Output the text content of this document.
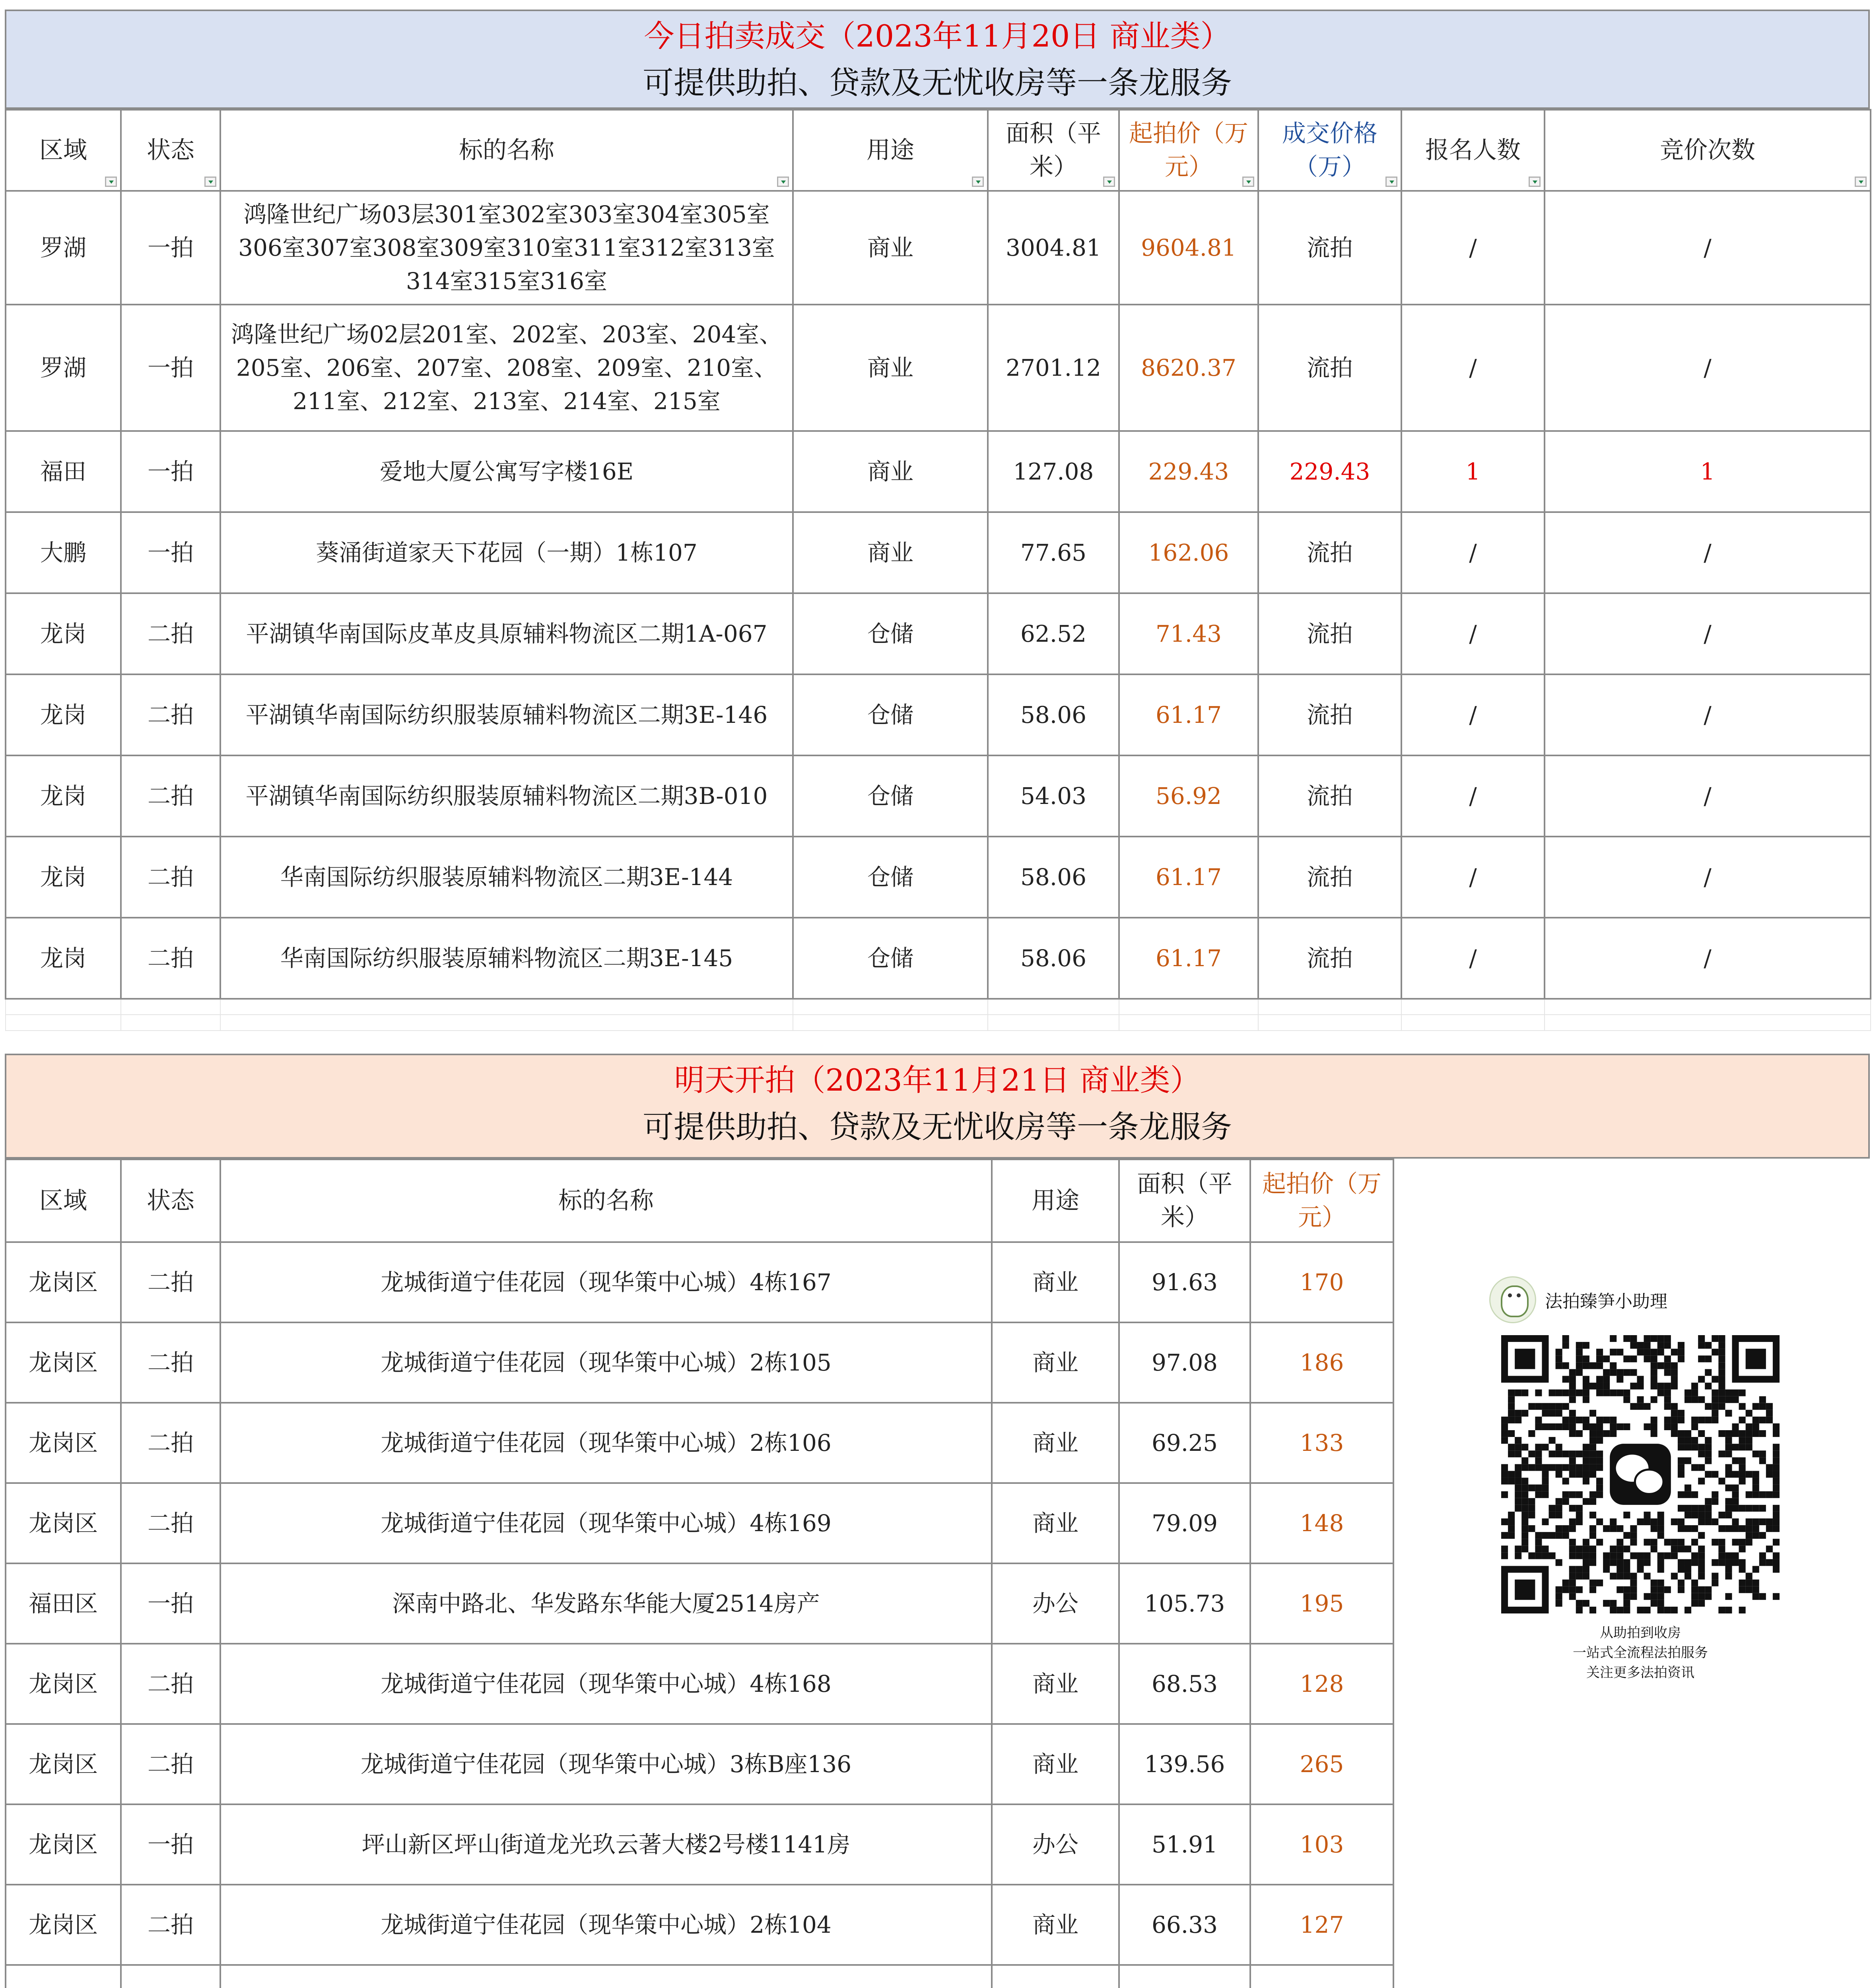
今日拍卖成交（2023年11月20日 商业类）
可提供助拍、贷款及无忧收房等一条龙服务
区域	状态	标的名称	用途	面积（平米）	起拍价（万元）	成交价格（万）	报名人数	竞价次数

罗湖	一拍	鸿隆世纪广场03层301室302室303室304室305室306室307室308室309室310室311室312室313室314室315室316室	商业	3004.81	9604.81	流拍	/	/
罗湖	一拍	鸿隆世纪广场02层201室、202室、203室、204室、205室、206室、207室、208室、209室、210室、211室、212室、213室、214室、215室	商业	2701.12	8620.37	流拍	/	/
福田	一拍	爱地大厦公寓写字楼16E	商业	127.08	229.43	229.43	1	1
大鹏	一拍	葵涌街道家天下花园（一期）1栋107	商业	77.65	162.06	流拍	/	/
龙岗	二拍	平湖镇华南国际皮革皮具原辅料物流区二期1A-067	仓储	62.52	71.43	流拍	/	/
龙岗	二拍	平湖镇华南国际纺织服装原辅料物流区二期3E-146	仓储	58.06	61.17	流拍	/	/
龙岗	二拍	平湖镇华南国际纺织服装原辅料物流区二期3B-010	仓储	54.03	56.92	流拍	/	/
龙岗	二拍	华南国际纺织服装原辅料物流区二期3E-144	仓储	58.06	61.17	流拍	/	/
龙岗	二拍	华南国际纺织服装原辅料物流区二期3E-145	仓储	58.06	61.17	流拍	/	/

明天开拍（2023年11月21日 商业类）
可提供助拍、贷款及无忧收房等一条龙服务
区域	状态	标的名称	用途	面积（平米）	起拍价（万元）
龙岗区	二拍	龙城街道宁佳花园（现华策中心城）4栋167	商业	91.63	170
龙岗区	二拍	龙城街道宁佳花园（现华策中心城）2栋105	商业	97.08	186
龙岗区	二拍	龙城街道宁佳花园（现华策中心城）2栋106	商业	69.25	133
龙岗区	二拍	龙城街道宁佳花园（现华策中心城）4栋169	商业	79.09	148
福田区	一拍	深南中路北、华发路东华能大厦2514房产	办公	105.73	195
龙岗区	二拍	龙城街道宁佳花园（现华策中心城）4栋168	商业	68.53	128
龙岗区	二拍	龙城街道宁佳花园（现华策中心城）3栋B座136	商业	139.56	265
龙岗区	一拍	坪山新区坪山街道龙光玖云著大楼2号楼1141房	办公	51.91	103
龙岗区	二拍	龙城街道宁佳花园（现华策中心城）2栋104	商业	66.33	127

法拍臻笋小助理
从助拍到收房
一站式全流程法拍服务
关注更多法拍资讯
